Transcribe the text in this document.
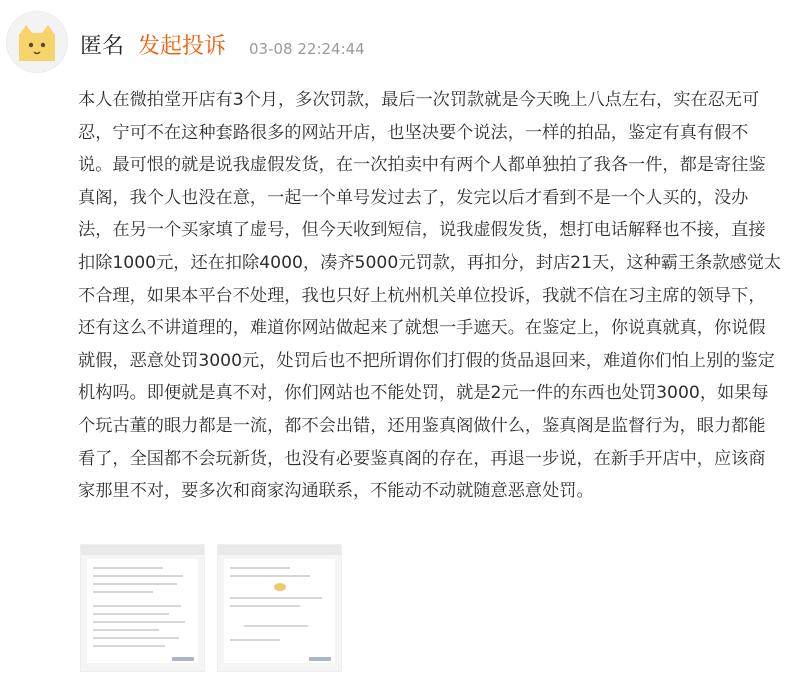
匿名 发起投诉 03-08 22:24:44

本人在微拍堂开店有3个月，多次罚款，最后一次罚款就是今天晚上八点左右，实在忍无可忍，宁可不在这种套路很多的网站开店，也坚决要个说法，一样的拍品，鉴定有真有假不说。最可恨的就是说我虚假发货，在一次拍卖中有两个人都单独拍了我各一件，都是寄往鉴真阁，我个人也没在意，一起一个单号发过去了，发完以后才看到不是一个人买的，没办法，在另一个买家填了虚号，但今天收到短信，说我虚假发货，想打电话解释也不接，直接扣除1000元，还在扣除4000，凑齐5000元罚款，再扣分，封店21天，这种霸王条款感觉太不合理，如果本平台不处理，我也只好上杭州机关单位投诉，我就不信在习主席的领导下，还有这么不讲道理的，难道你网站做起来了就想一手遮天。在鉴定上，你说真就真，你说假就假，恶意处罚3000元，处罚后也不把所谓你们打假的货品退回来，难道你们怕上别的鉴定机构吗。即便就是真不对，你们网站也不能处罚，就是2元一件的东西也处罚3000，如果每个玩古董的眼力都是一流，都不会出错，还用鉴真阁做什么，鉴真阁是监督行为，眼力都能看了，全国都不会玩新货，也没有必要鉴真阁的存在，再退一步说，在新手开店中，应该商家那里不对，要多次和商家沟通联系，不能动不动就随意恶意处罚。
